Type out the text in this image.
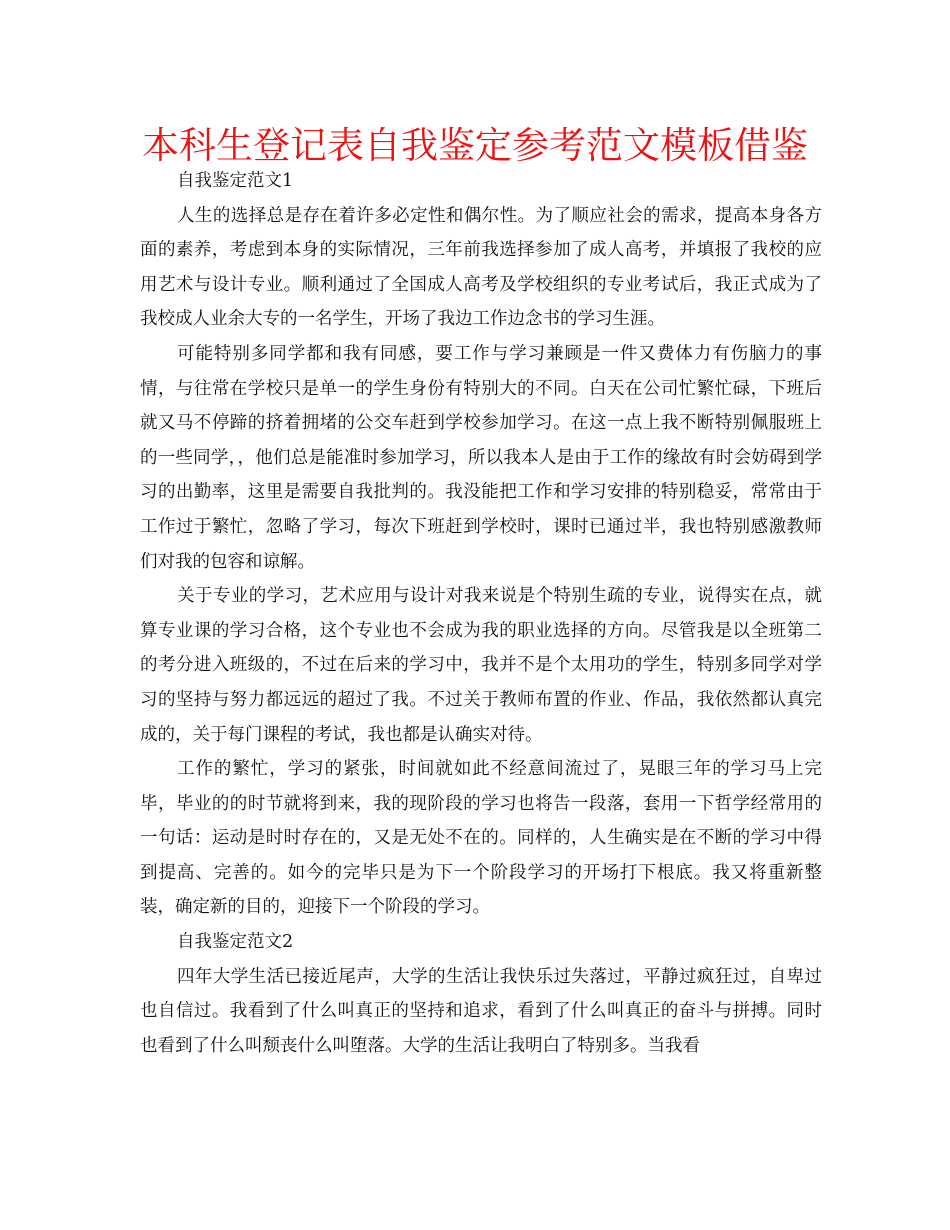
本科生登记表自我鉴定参考范文模板借鉴

自我鉴定范文1

人生的选择总是存在着许多必定性和偶尔性。为了顺应社会的需求，提高本身各方面的素养，考虑到本身的实际情况，三年前我选择参加了成人高考，并填报了我校的应用艺术与设计专业。顺利通过了全国成人高考及学校组织的专业考试后，我正式成为了我校成人业余大专的一名学生，开场了我边工作边念书的学习生涯。

可能特别多同学都和我有同感，要工作与学习兼顾是一件又费体力有伤脑力的事情，与往常在学校只是单一的学生身份有特别大的不同。白天在公司忙繁忙碌，下班后就又马不停蹄的挤着拥堵的公交车赶到学校参加学习。在这一点上我不断特别佩服班上的一些同学，，他们总是能准时参加学习，所以我本人是由于工作的缘故有时会妨碍到学习的出勤率，这里是需要自我批判的。我没能把工作和学习安排的特别稳妥，常常由于工作过于繁忙，忽略了学习，每次下班赶到学校时，课时已通过半，我也特别感激教师们对我的包容和谅解。

关于专业的学习，艺术应用与设计对我来说是个特别生疏的专业，说得实在点，就算专业课的学习合格，这个专业也不会成为我的职业选择的方向。尽管我是以全班第二的考分进入班级的，不过在后来的学习中，我并不是个太用功的学生，特别多同学对学习的坚持与努力都远远的超过了我。不过关于教师布置的作业、作品，我依然都认真完成的，关于每门课程的考试，我也都是认确实对待。

工作的繁忙，学习的紧张，时间就如此不经意间流过了，晃眼三年的学习马上完毕，毕业的的时节就将到来，我的现阶段的学习也将告一段落，套用一下哲学经常用的一句话：运动是时时存在的，又是无处不在的。同样的，人生确实是在不断的学习中得到提高、完善的。如今的完毕只是为下一个阶段学习的开场打下根底。我又将重新整装，确定新的目的，迎接下一个阶段的学习。

自我鉴定范文2

四年大学生活已接近尾声，大学的生活让我快乐过失落过，平静过疯狂过，自卑过也自信过。我看到了什么叫真正的坚持和追求，看到了什么叫真正的奋斗与拼搏。同时也看到了什么叫颓丧什么叫堕落。大学的生活让我明白了特别多。当我看
